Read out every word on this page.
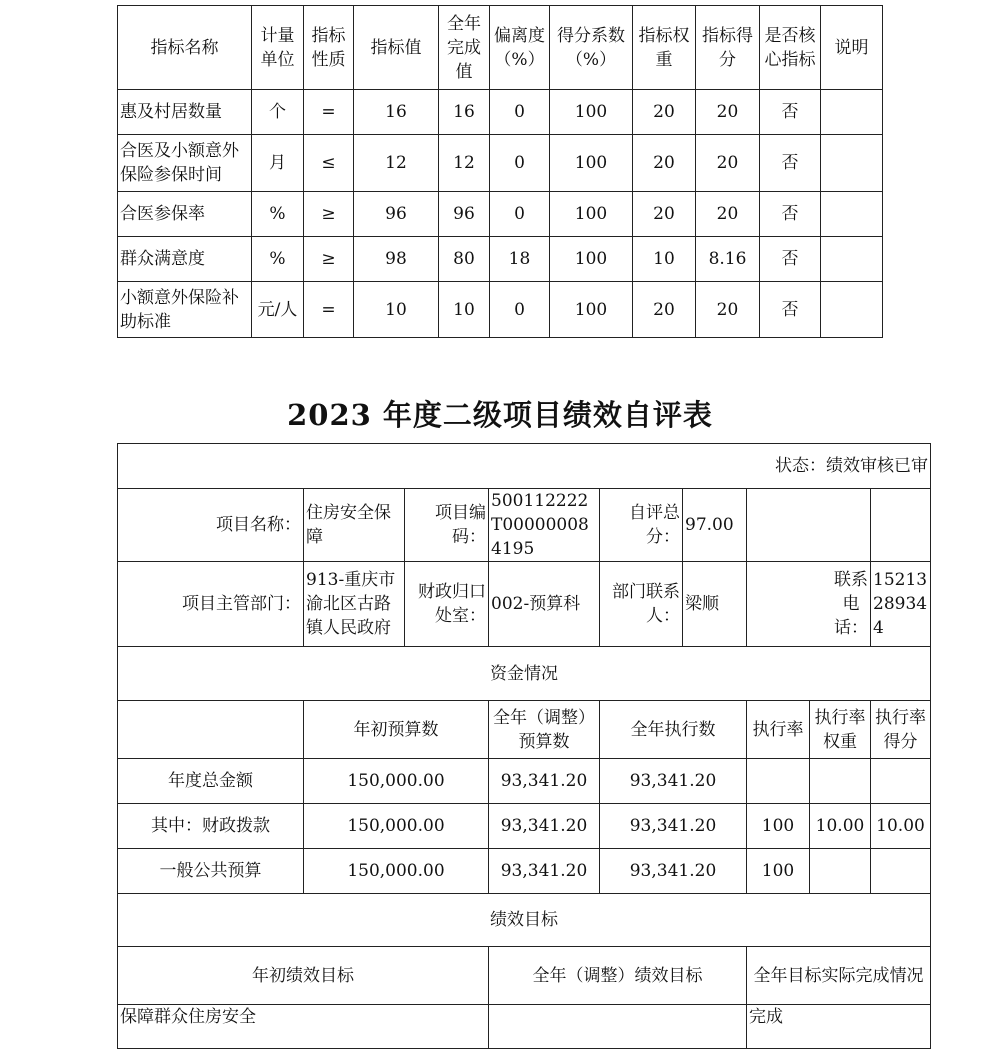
指标名称	计量单位	指标性质	指标值	全年完成值	偏离度（%）	得分系数（%）	指标权重	指标得分	是否核心指标	说明
惠及村居数量	个	=	16	16	0	100	20	20	否	
合医及小额意外保险参保时间	月	≤	12	12	0	100	20	20	否	
合医参保率	%	≥	96	96	0	100	20	20	否	
群众满意度	%	≥	98	80	18	100	10	8.16	否	
小额意外保险补助标准	元/人	=	10	10	0	100	20	20	否	
2023 年度二级项目绩效自评表
状态：绩效审核已审								
项目名称：	住房安全保障	项目编码：	500112222T000000084195	自评总分：	97.00			
项目主管部门：	913-重庆市渝北区古路镇人民政府	财政归口处室：	002-预算科	部门联系人：	梁顺	联系电话：		15213289344
资金情况								
	年初预算数		全年（调整）预算数	全年执行数		执行率	执行率权重	执行率得分
年度总金额	150,000.00		93,341.20	93,341.20				
其中：财政拨款	150,000.00		93,341.20	93,341.20		100	10.00	10.00
一般公共预算	150,000.00		93,341.20	93,341.20		100		
绩效目标								
年初绩效目标			全年（调整）绩效目标			全年目标实际完成情况		
保障群众住房安全						完成		
